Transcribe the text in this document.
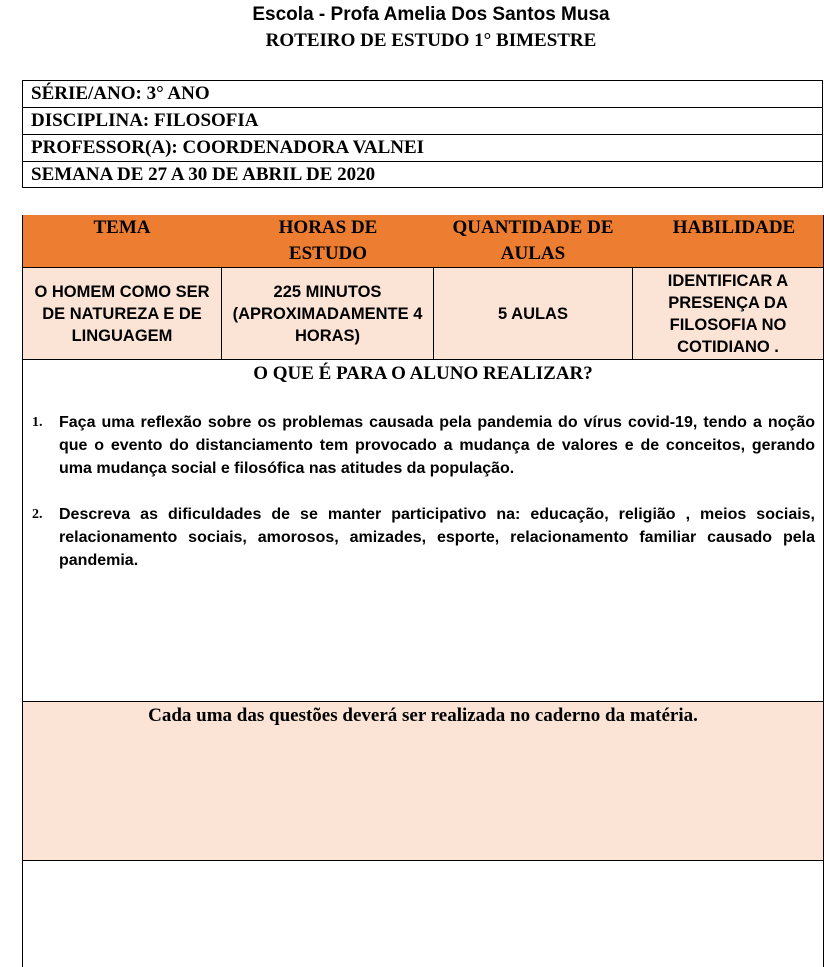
Escola - Profa Amelia Dos Santos Musa
ROTEIRO DE ESTUDO 1° BIMESTRE
SÉRIE/ANO: 3° ANO
DISCIPLINA: FILOSOFIA
PROFESSOR(A): COORDENADORA VALNEI
SEMANA DE 27 A 30 DE ABRIL DE 2020
TEMA	HORAS DE ESTUDO
QUANTIDADE DE AULAS
HABILIDADE
O HOMEM COMO SER DE NATUREZA E DE LINGUAGEM
225 MINUTOS (APROXIMADAMENTE 4 HORAS)
5 AULAS
IDENTIFICAR A PRESENÇA DA FILOSOFIA NO COTIDIANO .
O QUE É PARA O ALUNO REALIZAR?
1. Faça uma reflexão sobre os problemas causada pela pandemia do vírus covid-19, tendo a noção que o evento do distanciamento tem provocado a mudança de valores e de conceitos, gerando uma mudança social e filosófica nas atitudes da população.
2. Descreva as dificuldades de se manter participativo na: educação, religião , meios sociais, relacionamento sociais, amorosos, amizades, esporte, relacionamento familiar causado pela pandemia.
Cada uma das questões deverá ser realizada no caderno da matéria.
